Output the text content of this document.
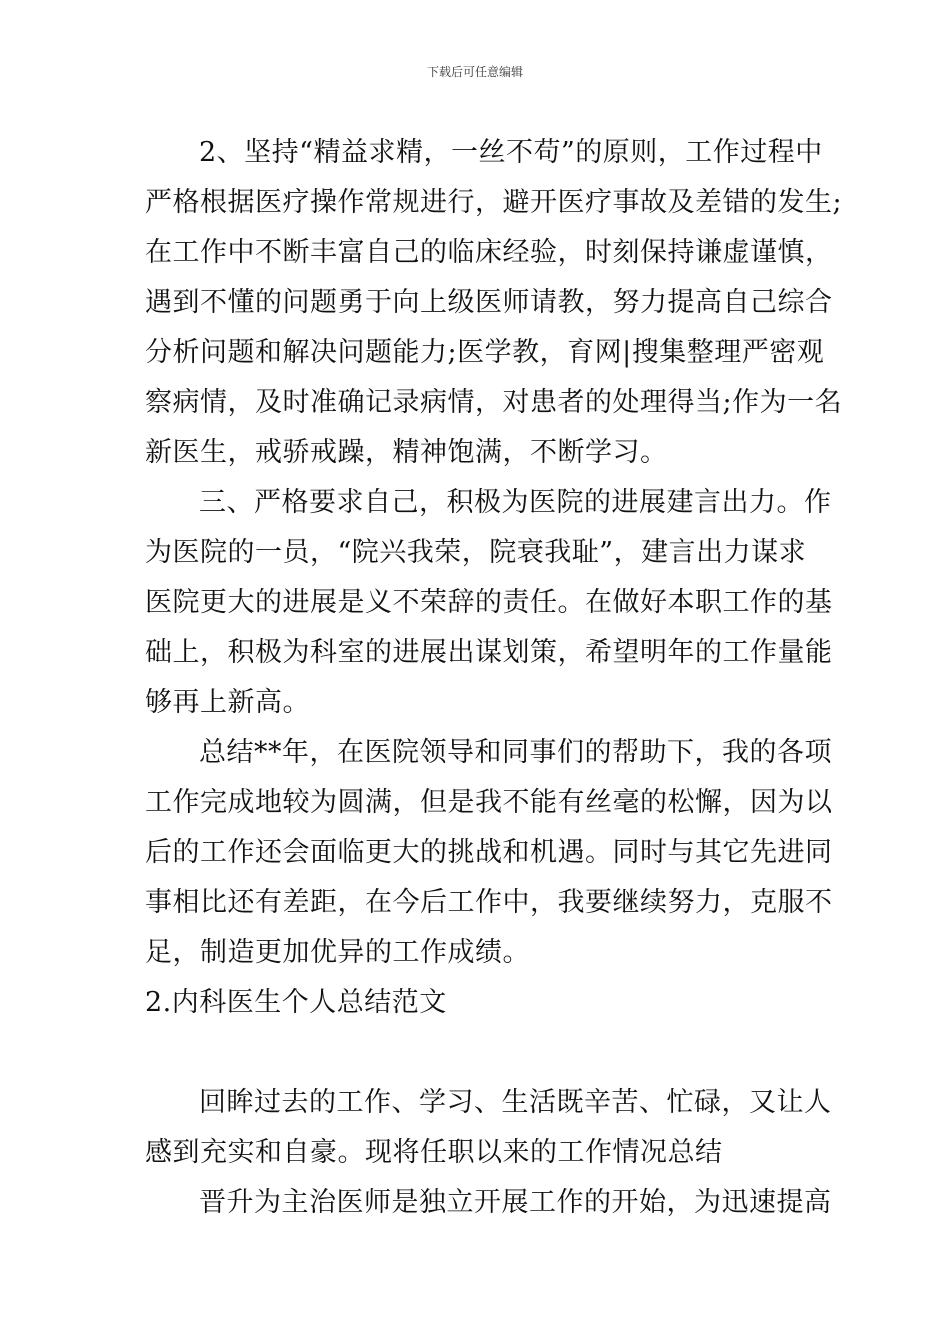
下载后可任意编辑
2、坚持“精益求精，一丝不苟”的原则，工作过程中
严格根据医疗操作常规进行，避开医疗事故及差错的发生;
在工作中不断丰富自己的临床经验，时刻保持谦虚谨慎，
遇到不懂的问题勇于向上级医师请教，努力提高自己综合
分析问题和解决问题能力;医学教，育网|搜集整理严密观
察病情，及时准确记录病情，对患者的处理得当;作为一名
新医生，戒骄戒躁，精神饱满，不断学习。
三、严格要求自己，积极为医院的进展建言出力。作
为医院的一员，“院兴我荣，院衰我耻”，建言出力谋求
医院更大的进展是义不荣辞的责任。在做好本职工作的基
础上，积极为科室的进展出谋划策，希望明年的工作量能
够再上新高。
总结**年，在医院领导和同事们的帮助下，我的各项
工作完成地较为圆满，但是我不能有丝毫的松懈，因为以
后的工作还会面临更大的挑战和机遇。同时与其它先进同
事相比还有差距，在今后工作中，我要继续努力，克服不
足，制造更加优异的工作成绩。
2.内科医生个人总结范文
回眸过去的工作、学习、生活既辛苦、忙碌，又让人
感到充实和自豪。现将任职以来的工作情况总结
晋升为主治医师是独立开展工作的开始，为迅速提高
